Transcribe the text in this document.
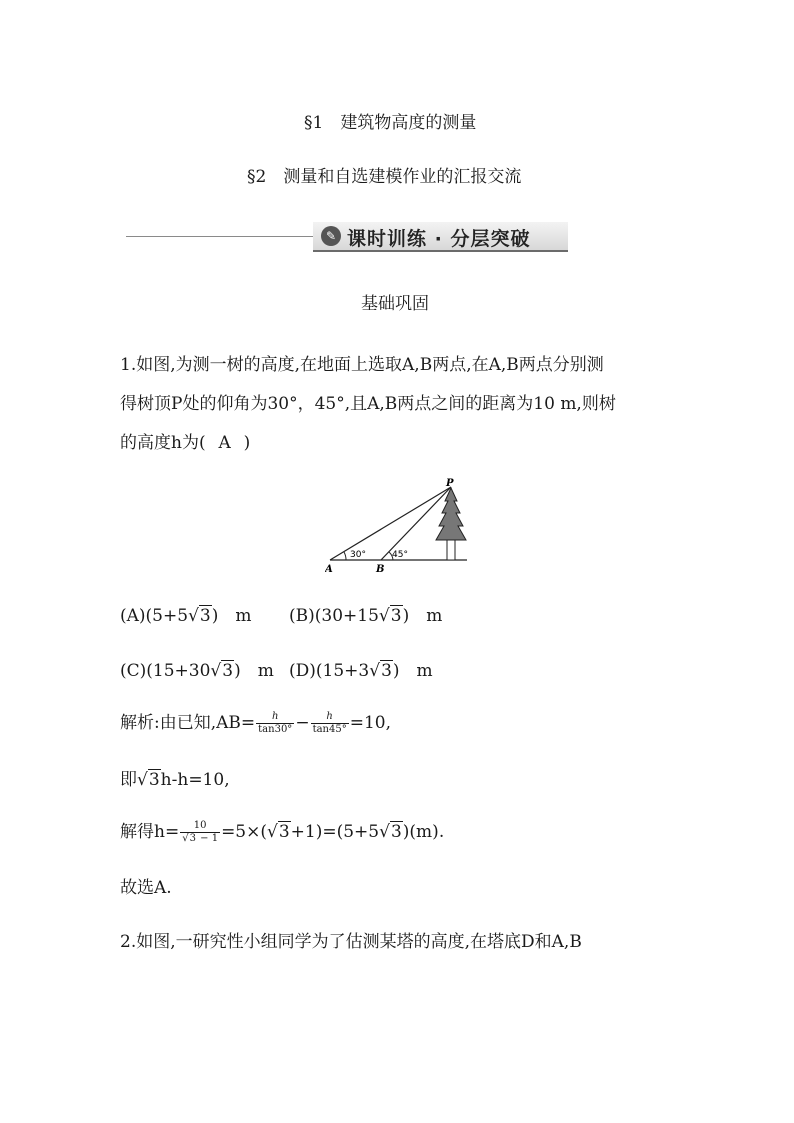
§1　建筑物高度的测量
§2　测量和自选建模作业的汇报交流
✎ 课时训练 · 分层突破
基础巩固
1.如图,为测一树的高度,在地面上选取A,B两点,在A,B两点分别测
得树顶P处的仰角为30°，45°,且A,B两点之间的距离为10 m,则树
的高度h为( A )
P
A	B
30°	45°
(A)(5+5√3)　m (B)(30+15√3)　m
(C)(15+30√3)　m (D)(15+3√3)　m
解析:由已知$,AB= \frac{h}{\tan 30^\circ} - \frac{h}{\tan 45^\circ} =10$,
即√3h-h=10,
解得$h= \frac{10}{√3 - 1} =5\times(√3+1)=(5+5√3)(m)$.
故选A.
2.如图,一研究性小组同学为了估测某塔的高度,在塔底D和A,B
